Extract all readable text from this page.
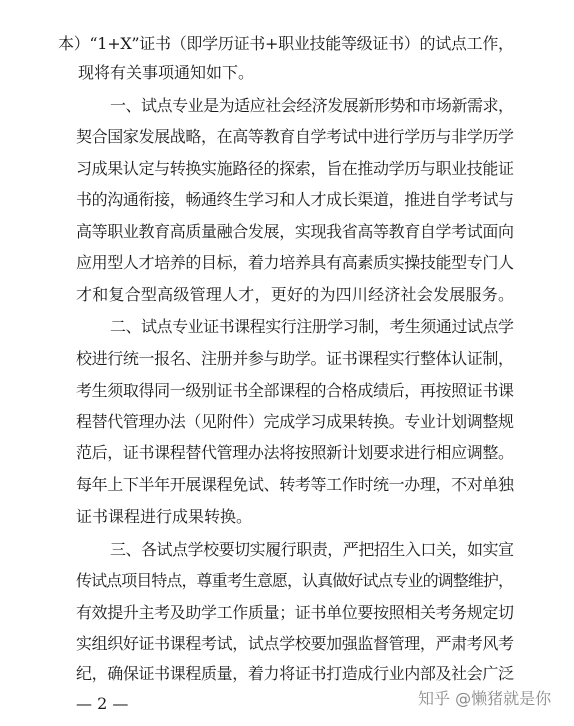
本）“1+X”证书（即学历证书+职业技能等级证书）的试点工作，
现将有关事项通知如下。
一、试点专业是为适应社会经济发展新形势和市场新需求，
契合国家发展战略，在高等教育自学考试中进行学历与非学历学
习成果认定与转换实施路径的探索，旨在推动学历与职业技能证
书的沟通衔接，畅通终生学习和人才成长渠道，推进自学考试与
高等职业教育高质量融合发展，实现我省高等教育自学考试面向
应用型人才培养的目标，着力培养具有高素质实操技能型专门人
才和复合型高级管理人才，更好的为四川经济社会发展服务。
二、试点专业证书课程实行注册学习制，考生须通过试点学
校进行统一报名、注册并参与助学。证书课程实行整体认证制，
考生须取得同一级别证书全部课程的合格成绩后，再按照证书课
程替代管理办法（见附件）完成学习成果转换。专业计划调整规
范后，证书课程替代管理办法将按照新计划要求进行相应调整。
每年上下半年开展课程免试、转考等工作时统一办理，不对单独
证书课程进行成果转换。
三、各试点学校要切实履行职责，严把招生入口关，如实宣
传试点项目特点，尊重考生意愿，认真做好试点专业的调整维护，
有效提升主考及助学工作质量；证书单位要按照相关考务规定切
实组织好证书课程考试，试点学校要加强监督管理，严肃考风考
纪，确保证书课程质量，着力将证书打造成行业内部及社会广泛
— 2 —	知乎 @懒猪就是你
